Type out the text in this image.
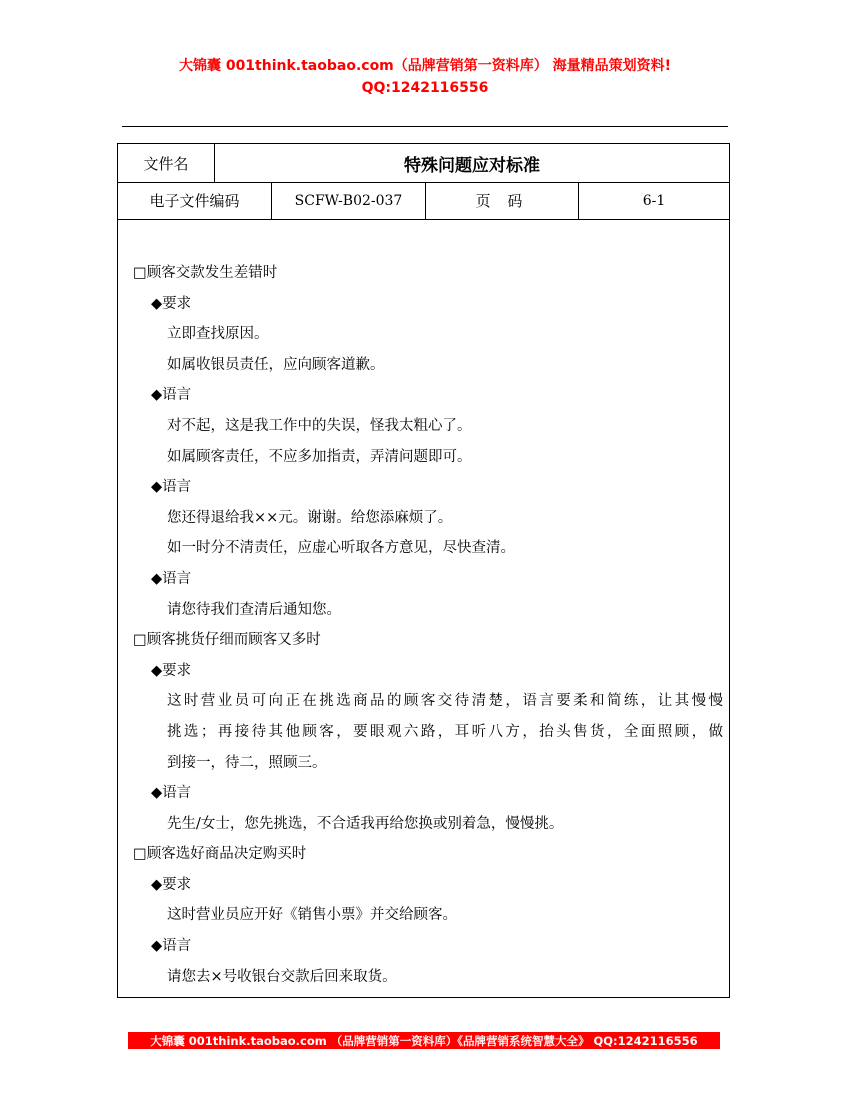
大锦囊 001think.taobao.com（品牌营销第一资料库） 海量精品策划资料!
QQ:1242116556
文件名	特殊问题应对标准
电子文件编码	SCFW-B02-037	页 码	6-1
□顾客交款发生差错时
◆要求
立即查找原因。
如属收银员责任，应向顾客道歉。
◆语言
对不起，这是我工作中的失误，怪我太粗心了。
如属顾客责任，不应多加指责，弄清问题即可。
◆语言
您还得退给我××元。谢谢。给您添麻烦了。
如一时分不清责任，应虚心听取各方意见，尽快查清。
◆语言
请您待我们查清后通知您。
□顾客挑货仔细而顾客又多时
◆要求
这时营业员可向正在挑选商品的顾客交待清楚，语言要柔和简练，让其慢慢
挑选；再接待其他顾客，要眼观六路，耳听八方，抬头售货，全面照顾，做
到接一，待二，照顾三。
◆语言
先生/女士，您先挑选，不合适我再给您换或别着急，慢慢挑。
□顾客选好商品决定购买时
◆要求
这时营业员应开好《销售小票》并交给顾客。
◆语言
请您去×号收银台交款后回来取货。
大锦囊 001think.taobao.com （品牌营销第一资料库）《品牌营销系统智慧大全》 QQ:1242116556
